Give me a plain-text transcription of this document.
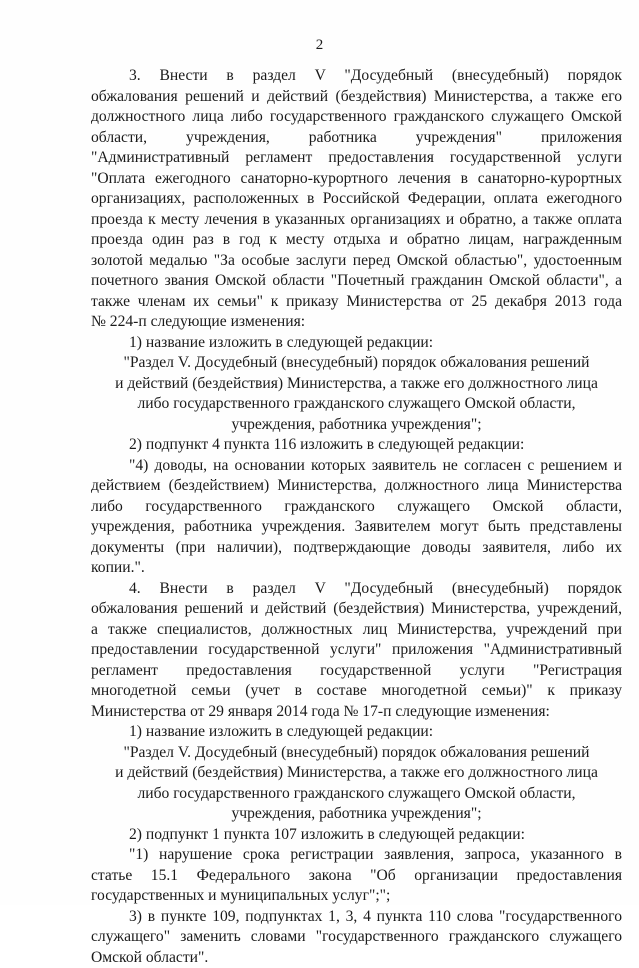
2

3. Внести в раздел V "Досудебный (внесудебный) порядок

обжалования решений и действий (бездействия) Министерства, а также его

должностного лица либо государственного гражданского служащего Омской

области, учреждения, работника учреждения" приложения

"Административный регламент предоставления государственной услуги

"Оплата ежегодного санаторно-курортного лечения в санаторно-курортных

организациях, расположенных в Российской Федерации, оплата ежегодного

проезда к месту лечения в указанных организациях и обратно, а также оплата

проезда один раз в год к месту отдыха и обратно лицам, награжденным

золотой медалью "За особые заслуги перед Омской областью", удостоенным

почетного звания Омской области "Почетный гражданин Омской области", а

также членам их семьи" к приказу Министерства от 25 декабря 2013 года

№ 224-п следующие изменения:

1) название изложить в следующей редакции:

"Раздел V. Досудебный (внесудебный) порядок обжалования решений

и действий (бездействия) Министерства, а также его должностного лица

либо государственного гражданского служащего Омской области,

учреждения, работника учреждения";

2) подпункт 4 пункта 116 изложить в следующей редакции:

"4) доводы, на основании которых заявитель не согласен с решением и

действием (бездействием) Министерства, должностного лица Министерства

либо государственного гражданского служащего Омской области,

учреждения, работника учреждения. Заявителем могут быть представлены

документы (при наличии), подтверждающие доводы заявителя, либо их

копии.".

4. Внести в раздел V "Досудебный (внесудебный) порядок

обжалования решений и действий (бездействия) Министерства, учреждений,

а также специалистов, должностных лиц Министерства, учреждений при

предоставлении государственной услуги" приложения "Административный

регламент предоставления государственной услуги "Регистрация

многодетной семьи (учет в составе многодетной семьи)" к приказу

Министерства от 29 января 2014 года № 17-п следующие изменения:

1) название изложить в следующей редакции:

"Раздел V. Досудебный (внесудебный) порядок обжалования решений

и действий (бездействия) Министерства, а также его должностного лица

либо государственного гражданского служащего Омской области,

учреждения, работника учреждения";

2) подпункт 1 пункта 107 изложить в следующей редакции:

"1) нарушение срока регистрации заявления, запроса, указанного в

статье 15.1 Федерального закона "Об организации предоставления

государственных и муниципальных услуг";";

3) в пункте 109, подпунктах 1, 3, 4 пункта 110 слова "государственного

служащего" заменить словами "государственного гражданского служащего

Омской области".
